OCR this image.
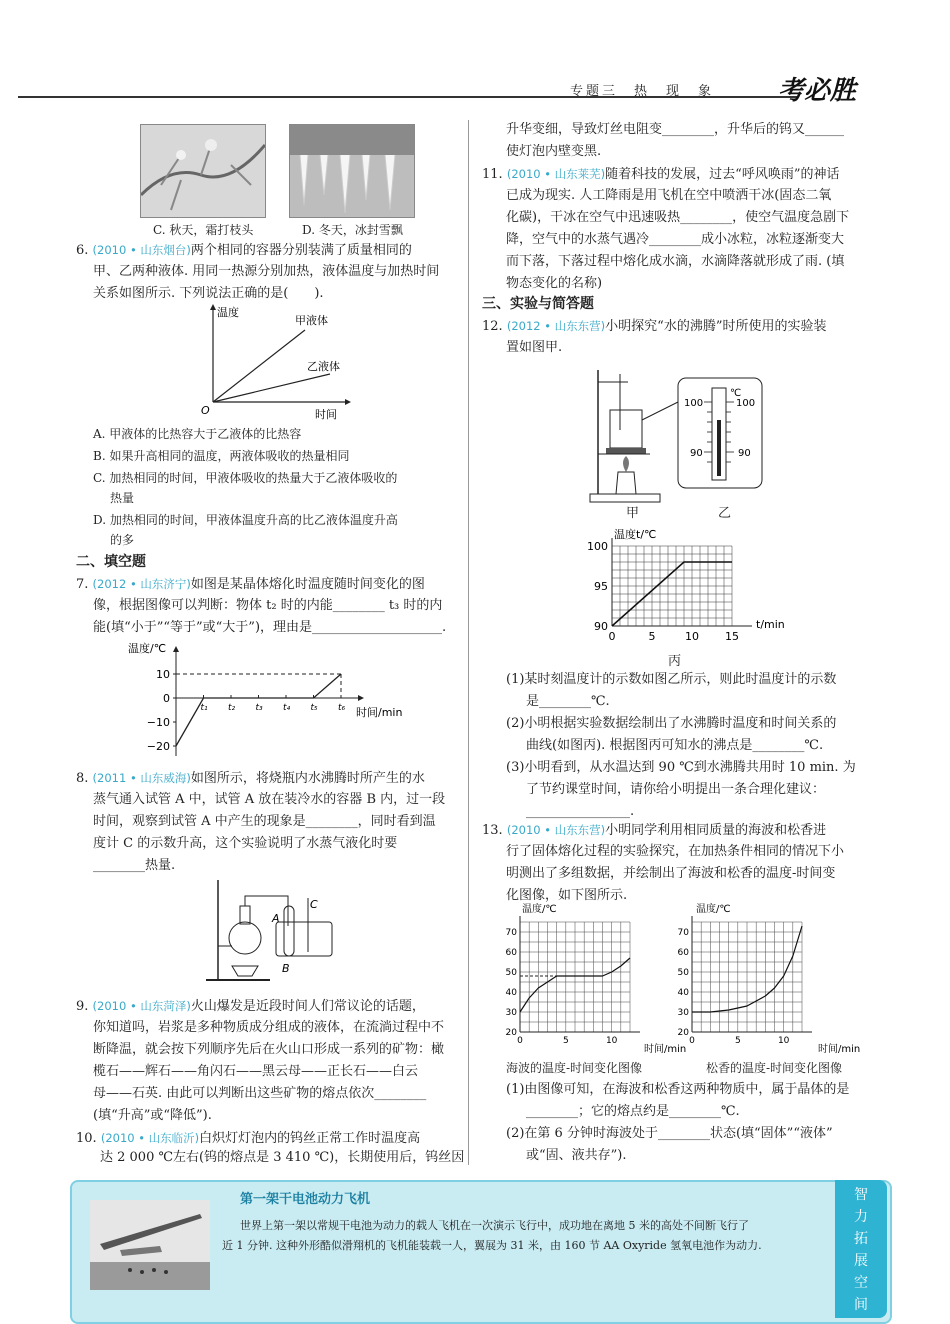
专题三　热　现　象 考必胜
C. 秋天，霜打枝头	D. 冬天，冰封雪飘
6. (2010 • 山东烟台)两个相同的容器分别装满了质量相同的
甲、乙两种液体. 用同一热源分别加热，液体温度与加热时间
关系如图所示. 下列说法正确的是(　　).
温度
时间
O
甲液体
乙液体
A. 甲液体的比热容大于乙液体的比热容
B. 如果升高相同的温度，两液体吸收的热量相同
C. 加热相同的时间，甲液体吸收的热量大于乙液体吸收的
热量
D. 加热相同的时间，甲液体温度升高的比乙液体温度升高
的多
二、填空题
7. (2012 • 山东济宁)如图是某晶体熔化时温度随时间变化的图
像，根据图像可以判断：物体 t₂ 时的内能________ t₃ 时的内
能(填“小于”“等于”或“大于”)，理由是____________________.
温度/℃
时间/min
10
0
−10
−20
t₁ t₂ t₃ t₄ t₅ t₆
8. (2011 • 山东威海)如图所示，将烧瓶内水沸腾时所产生的水
蒸气通入试管 A 中，试管 A 放在装冷水的容器 B 内，过一段
时间，观察到试管 A 中产生的现象是________，同时看到温
度计 C 的示数升高，这个实验说明了水蒸气液化时要
________热量.
A
B
C
9. (2010 • 山东菏泽)火山爆发是近段时间人们常议论的话题，
你知道吗，岩浆是多种物质成分组成的液体，在流淌过程中不
断降温，就会按下列顺序先后在火山口形成一系列的矿物：橄
榄石——辉石——角闪石——黑云母——正长石——白云
母——石英. 由此可以判断出这些矿物的熔点依次________
(填“升高”或“降低”).
10. (2010 • 山东临沂)白炽灯灯泡内的钨丝正常工作时温度高
达 2 000 ℃左右(钨的熔点是 3 410 ℃)，长期使用后，钨丝因
升华变细，导致灯丝电阻变________，升华后的钨又______
使灯泡内壁变黑.
11. (2010 • 山东莱芜)随着科技的发展，过去“呼风唤雨”的神话
已成为现实. 人工降雨是用飞机在空中喷洒干冰(固态二氧
化碳)，干冰在空气中迅速吸热________，使空气温度急剧下
降，空气中的水蒸气遇冷________成小冰粒，冰粒逐渐变大
而下落，下落过程中熔化成水滴，水滴降落就形成了雨. (填
物态变化的名称)
三、实验与简答题
12. (2012 • 山东东营)小明探究“水的沸腾”时所使用的实验装
置如图甲.
℃
100	100
90	90
甲	乙
温度t/℃
t/min
0	5	10 15
90
95
100
丙
(1)某时刻温度计的示数如图乙所示，则此时温度计的示数
是________℃.
(2)小明根据实验数据绘制出了水沸腾时温度和时间关系的
曲线(如图丙). 根据图丙可知水的沸点是________℃.
(3)小明看到，从水温达到 90 ℃到水沸腾共用时 10 min. 为
了节约课堂时间，请你给小明提出一条合理化建议：
________________.
13. (2010 • 山东东营)小明同学利用相同质量的海波和松香进
行了固体熔化过程的实验探究，在加热条件相同的情况下小
明测出了多组数据，并绘制出了海波和松香的温度-时间变
化图像，如下图所示.
温度/℃
时间/min
20
30
40
50
60
70
0	5	10
温度/℃
时间/min
20
30
40
50
60
70
0	5	10
海波的温度-时间变化图像	松香的温度-时间变化图像
(1)由图像可知，在海波和松香这两种物质中，属于晶体的是
________；它的熔点约是________℃.
(2)在第 6 分钟时海波处于________状态(填“固体”“液体”
或“固、液共存”).
智
力
拓
展
空
间
第一架干电池动力飞机
世界上第一架以常规干电池为动力的载人飞机在一次演示飞行中，成功地在离地 5 米的高处不间断飞行了
近 1 分钟. 这种外形酷似滑翔机的飞机能装载一人，翼展为 31 米，由 160 节 AA Oxyride 氢氧电池作为动力.
